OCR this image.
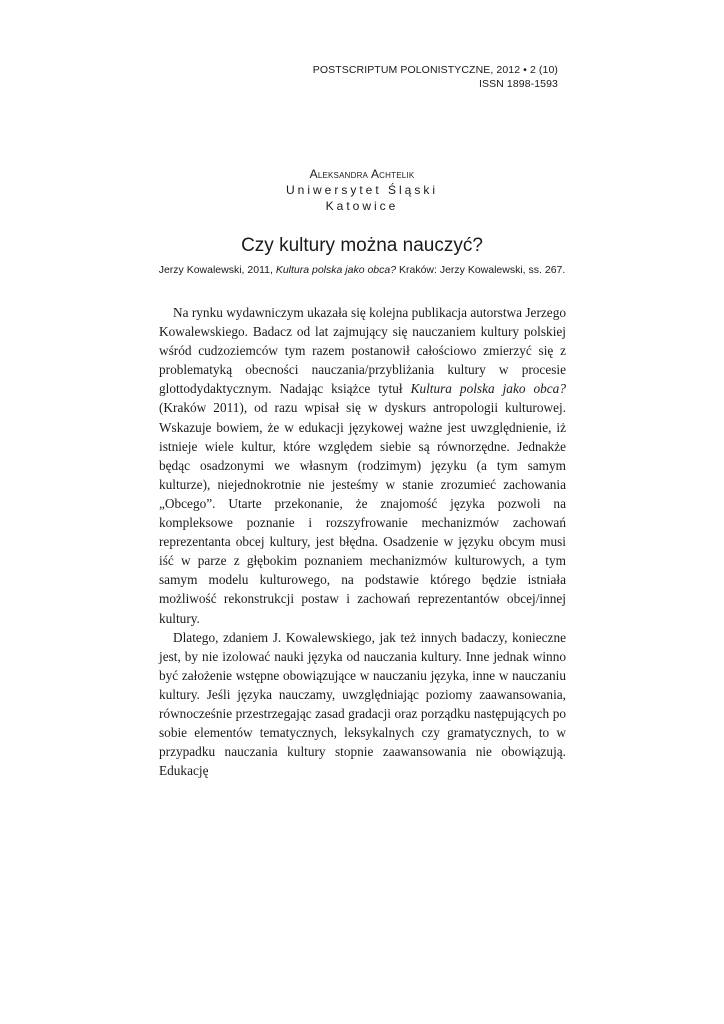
POSTSCRIPTUM POLONISTYCZNE, 2012 • 2 (10)
ISSN 1898-1593
Aleksandra Achtelik
Uniwersytet Śląski
Katowice
Czy kultury można nauczyć?
Jerzy Kowalewski, 2011, Kultura polska jako obca? Kraków: Jerzy Kowalewski, ss. 267.

Na rynku wydawniczym ukazała się kolejna publikacja autorstwa Jerzego Kowalewskiego. Badacz od lat zajmujący się nauczaniem kultury polskiej wśród cudzoziemców tym razem postanowił całościowo zmierzyć się z problematyką obecności nauczania/przybliżania kultury w procesie glottodydaktycznym. Nadając książce tytuł Kultura polska jako obca? (Kraków 2011), od razu wpisał się w dyskurs antropologii kulturowej. Wskazuje bowiem, że w edukacji językowej ważne jest uwzględnienie, iż istnieje wiele kultur, które względem siebie są równorzędne. Jednakże będąc osadzonymi we własnym (rodzimym) języku (a tym samym kulturze), niejednokrotnie nie jesteśmy w stanie zrozumieć zachowania „Obcego”. Utarte przekonanie, że znajomość języka pozwoli na kompleksowe poznanie i rozszyfrowanie mechanizmów zachowań reprezentanta obcej kultury, jest błędna. Osadzenie w języku obcym musi iść w parze z głębokim poznaniem mechanizmów kulturowych, a tym samym modelu kulturowego, na podstawie którego będzie istniała możliwość rekonstrukcji postaw i zachowań reprezentantów obcej/innej kultury.

Dlatego, zdaniem J. Kowalewskiego, jak też innych badaczy, konieczne jest, by nie izolować nauki języka od nauczania kultury. Inne jednak winno być założenie wstępne obowiązujące w nauczaniu języka, inne w nauczaniu kultury. Jeśli języka nauczamy, uwzględniając poziomy zaawansowania, równocześnie przestrzegając zasad gradacji oraz porządku następujących po sobie elementów tematycznych, leksykalnych czy gramatycznych, to w przypadku nauczania kultury stopnie zaawansowania nie obowiązują. Edukację
